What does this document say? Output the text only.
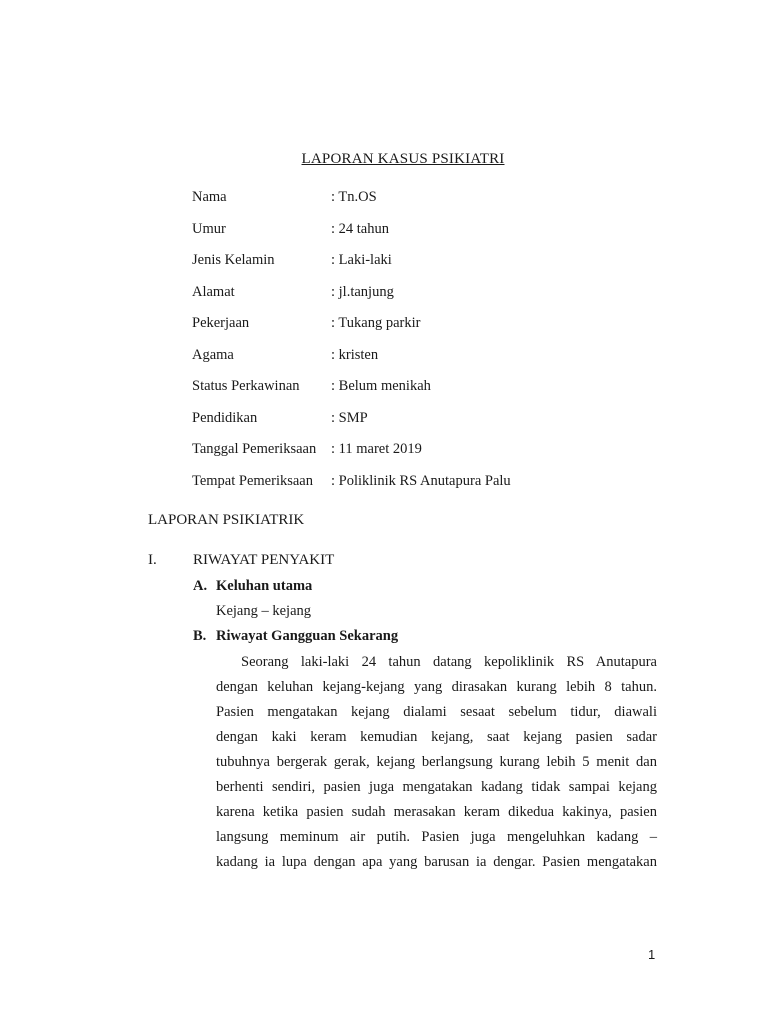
LAPORAN KASUS PSIKIATRI
Nama	: Tn.OS
Umur	: 24 tahun
Jenis Kelamin	: Laki-laki
Alamat	: jl.tanjung
Pekerjaan	: Tukang parkir
Agama	: kristen
Status Perkawinan	: Belum menikah
Pendidikan	: SMP
Tanggal Pemeriksaan	: 11 maret 2019
Tempat Pemeriksaan	: Poliklinik RS Anutapura Palu
LAPORAN PSIKIATRIK
I. RIWAYAT PENYAKIT
A. Keluhan utama
Kejang – kejang
B. Riwayat Gangguan Sekarang
Seorang laki-laki 24 tahun datang kepoliklinik RS Anutapura
dengan keluhan kejang-kejang yang dirasakan kurang lebih 8 tahun.
Pasien mengatakan kejang dialami sesaat sebelum tidur, diawali
dengan kaki keram kemudian kejang, saat kejang pasien sadar
tubuhnya bergerak gerak, kejang berlangsung kurang lebih 5 menit dan
berhenti sendiri, pasien juga mengatakan kadang tidak sampai kejang
karena ketika pasien sudah merasakan keram dikedua kakinya, pasien
langsung meminum air putih. Pasien juga mengeluhkan kadang –
kadang ia lupa dengan apa yang barusan ia dengar. Pasien mengatakan
1
